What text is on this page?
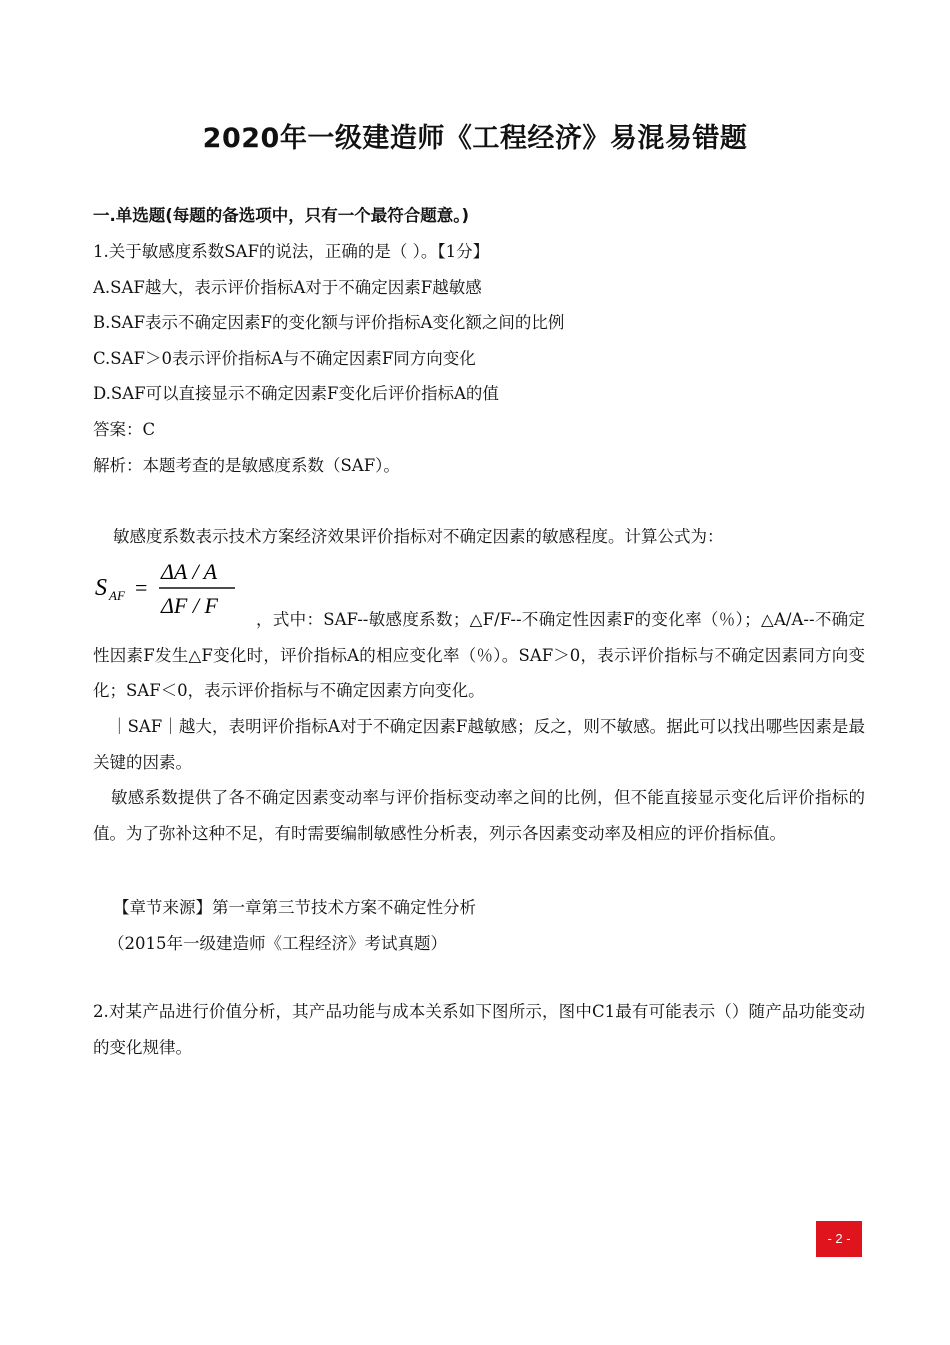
2020年一级建造师《工程经济》易混易错题
一.单选题(每题的备选项中，只有一个最符合题意。)
1.关于敏感度系数SAF的说法，正确的是（ ）。【1分】
A.SAF越大，表示评价指标A对于不确定因素F越敏感
B.SAF表示不确定因素F的变化额与评价指标A变化额之间的比例
C.SAF＞0表示评价指标A与不确定因素F同方向变化
D.SAF可以直接显示不确定因素F变化后评价指标A的值
答案：C
解析：本题考查的是敏感度系数（SAF）。
敏感度系数表示技术方案经济效果评价指标对不确定因素的敏感程度。计算公式为：
S AF =
ΔA / A
ΔF / F
，式中：SAF--敏感度系数；△F/F--不确定性因素F的变化率（％）；△A/A--不确定性因素F发生△F变化时，评价指标A的相应变化率（％）。SAF＞0，表示评价指标与不确定因素同方向变化；SAF＜0，表示评价指标与不确定因素方向变化。
｜SAF｜越大，表明评价指标A对于不确定因素F越敏感；反之，则不敏感。据此可以找出哪些因素是最关键的因素。
敏感系数提供了各不确定因素变动率与评价指标变动率之间的比例，但不能直接显示变化后评价指标的值。为了弥补这种不足，有时需要编制敏感性分析表，列示各因素变动率及相应的评价指标值。
【章节来源】第一章第三节技术方案不确定性分析
（2015年一级建造师《工程经济》考试真题）
2.对某产品进行价值分析，其产品功能与成本关系如下图所示，图中C1最有可能表示（）随产品功能变动的变化规律。
- 2 -
